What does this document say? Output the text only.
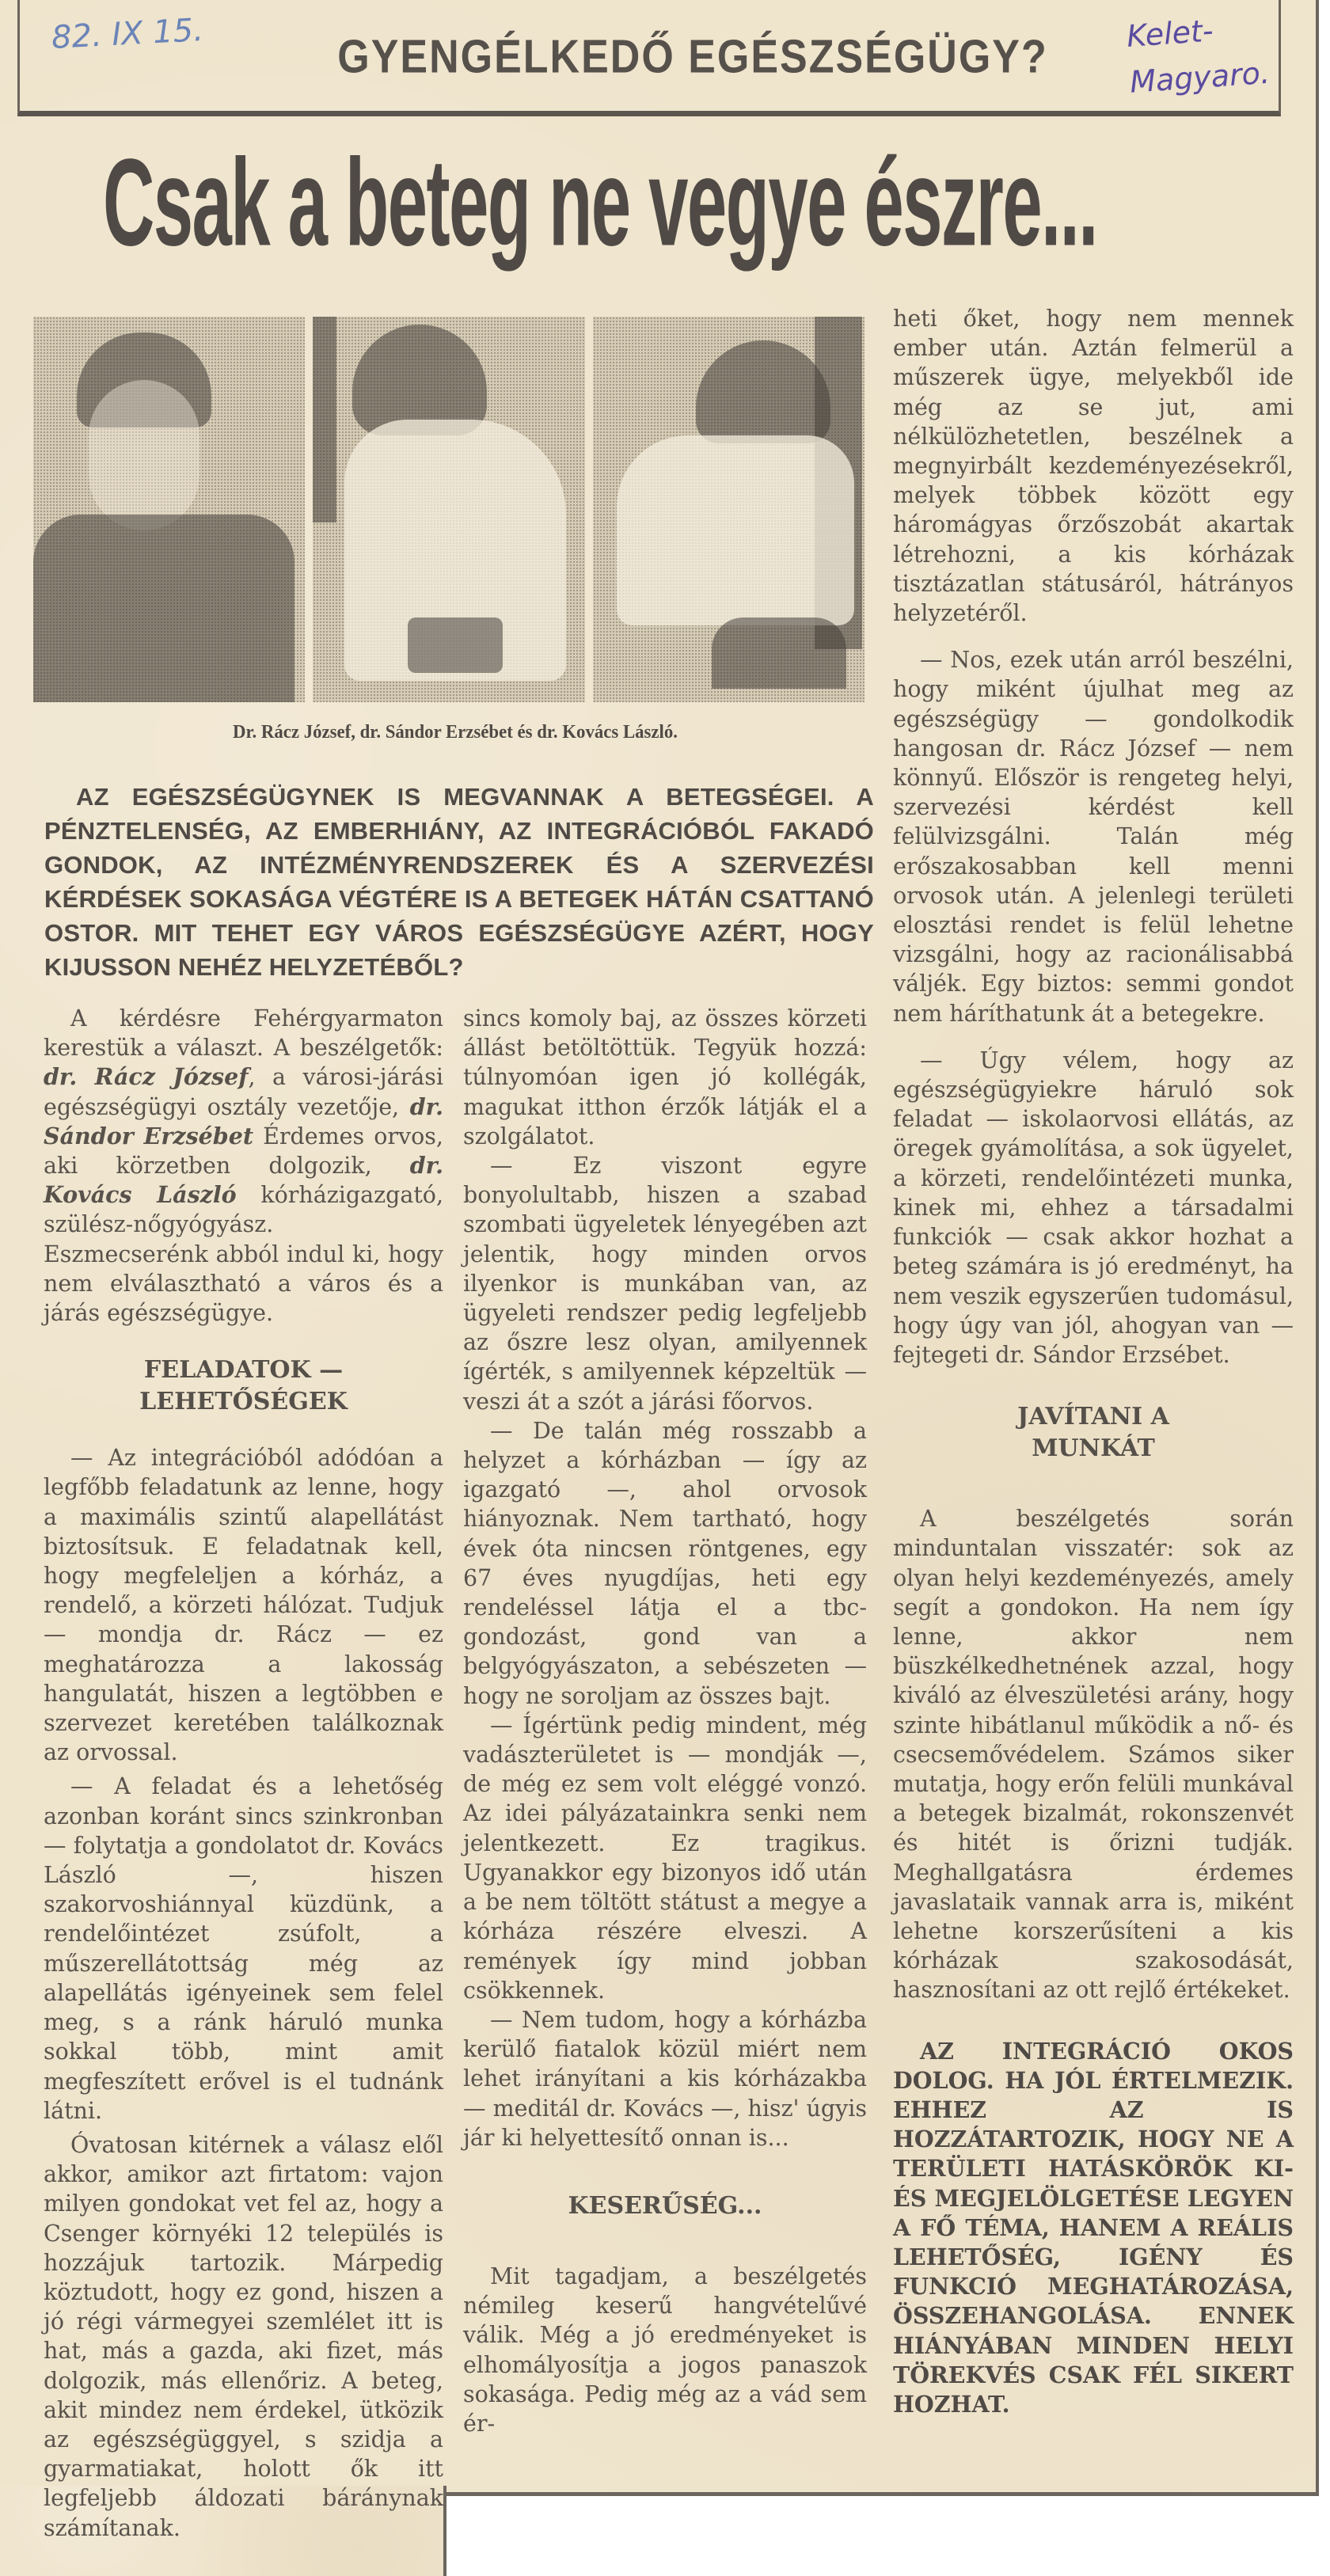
82. IX 15.	GYENGÉLKEDŐ EGÉSZSÉGÜGY?	Kelet-Magyaro.
Csak a beteg ne vegye észre...
Dr. Rácz József, dr. Sándor Erzsébet és dr. Kovács László.
AZ EGÉSZSÉGÜGYNEK IS MEGVANNAK A BETEGSÉGEI. A PÉNZTELENSÉG, AZ EMBERHIÁNY, AZ INTEGRÁCIÓBÓL FAKADÓ GONDOK, AZ INTÉZMÉNYRENDSZEREK ÉS A SZERVEZÉSI KÉRDÉSEK SOKASÁGA VÉGTÉRE IS A BETEGEK HÁTÁN CSATTANÓ OSTOR. MIT TEHET EGY VÁROS EGÉSZSÉGÜGYE AZÉRT, HOGY KIJUSSON NEHÉZ HELYZETÉBŐL?

A kérdésre Fehérgyarmaton kerestük a választ. A beszélgetők: dr. Rácz József, a városi-járási egészségügyi osztály vezetője, dr. Sándor Erzsébet Érdemes orvos, aki körzetben dolgozik, dr. Kovács László kórházigazgató, szülész-nőgyógyász. Eszmecserénk abból indul ki, hogy nem elválasztható a város és a járás egészségügye.

FELADATOK — LEHETŐSÉGEK

— Az integrációból adódóan a legfőbb feladatunk az lenne, hogy a maximális szintű alapellátást biztosítsuk. E feladatnak kell, hogy megfeleljen a kórház, a rendelő, a körzeti hálózat. Tudjuk — mondja dr. Rácz — ez meghatározza a lakosság hangulatát, hiszen a legtöbben e szervezet keretében találkoznak az orvossal.

— A feladat és a lehetőség azonban koránt sincs szinkronban — folytatja a gondolatot dr. Kovács László —, hiszen szakorvoshiánnyal küzdünk, a rendelőintézet zsúfolt, a műszerellátottság még az alapellátás igényeinek sem felel meg, s a ránk háruló munka sokkal több, mint amit megfeszített erővel is el tudnánk látni.

Óvatosan kitérnek a válasz elől akkor, amikor azt firtatom: vajon milyen gondokat vet fel az, hogy a Csenger környéki 12 település is hozzájuk tartozik. Márpedig köztudott, hogy ez gond, hiszen a jó régi vármegyei szemlélet itt is hat, más a gazda, aki fizet, más dolgozik, más ellenőriz. A beteg, akit mindez nem érdekel, ütközik az egészségüggyel, s szidja a gyarmatiakat, holott ők itt legfeljebb áldozati báránynak számítanak.

sincs komoly baj, az összes körzeti állást betöltöttük. Tegyük hozzá: túlnyomóan igen jó kollégák, magukat itthon érzők látják el a szolgálatot.

— Ez viszont egyre bonyolultabb, hiszen a szabad szombati ügyeletek lényegében azt jelentik, hogy minden orvos ilyenkor is munkában van, az ügyeleti rendszer pedig legfeljebb az őszre lesz olyan, amilyennek ígérték, s amilyennek képzeltük — veszi át a szót a járási főorvos.

— De talán még rosszabb a helyzet a kórházban — így az igazgató —, ahol orvosok hiányoznak. Nem tartható, hogy évek óta nincsen röntgenes, egy 67 éves nyugdíjas, heti egy rendeléssel látja el a tbc-gondozást, gond van a belgyógyászaton, a sebészeten — hogy ne soroljam az összes bajt.

— Ígértünk pedig mindent, még vadászterületet is — mondják —, de még ez sem volt eléggé vonzó. Az idei pályázatainkra senki nem jelentkezett. Ez tragikus. Ugyanakkor egy bizonyos idő után a be nem töltött státust a megye a kórháza részére elveszi. A remények így mind jobban csökkennek.

— Nem tudom, hogy a kórházba kerülő fiatalok közül miért nem lehet irányítani a kis kórházakba — meditál dr. Kovács —, hisz' úgyis jár ki helyettesítő onnan is...

KESERŰSÉG...

Mit tagadjam, a beszélgetés némileg keserű hangvételűvé válik. Még a jó eredményeket is elhomályosítja a jogos panaszok sokasága. Pedig még az a vád sem ér-

heti őket, hogy nem mennek ember után. Aztán felmerül a műszerek ügye, melyekből ide még az se jut, ami nélkülözhetetlen, beszélnek a megnyirbált kezdeményezésekről, melyek többek között egy háromágyas őrzőszobát akartak létrehozni, a kis kórházak tisztázatlan státusáról, hátrányos helyzetéről.

— Nos, ezek után arról beszélni, hogy miként újulhat meg az egészségügy — gondolkodik hangosan dr. Rácz József — nem könnyű. Először is rengeteg helyi, szervezési kérdést kell felülvizsgálni. Talán még erőszakosabban kell menni orvosok után. A jelenlegi területi elosztási rendet is felül lehetne vizsgálni, hogy az racionálisabbá váljék. Egy biztos: semmi gondot nem háríthatunk át a betegekre.

— Úgy vélem, hogy az egészségügyiekre háruló sok feladat — iskolaorvosi ellátás, az öregek gyámolítása, a sok ügyelet, a körzeti, rendelőintézeti munka, kinek mi, ehhez a társadalmi funkciók — csak akkor hozhat a beteg számára is jó eredményt, ha nem veszik egyszerűen tudomásul, hogy úgy van jól, ahogyan van — fejtegeti dr. Sándor Erzsébet.

JAVÍTANI A MUNKÁT

A beszélgetés során minduntalan visszatér: sok az olyan helyi kezdeményezés, amely segít a gondokon. Ha nem így lenne, akkor nem büszkélkedhetnének azzal, hogy kiváló az élveszületési arány, hogy szinte hibátlanul működik a nő- és csecsemővédelem. Számos siker mutatja, hogy erőn felüli munkával a betegek bizalmát, rokonszenvét és hitét is őrizni tudják. Meghallgatásra érdemes javaslataik vannak arra is, miként lehetne korszerűsíteni a kis kórházak szakosodását, hasznosítani az ott rejlő értékeket.

AZ INTEGRÁCIÓ OKOS DOLOG. HA JÓL ÉRTELMEZIK. EHHEZ AZ IS HOZZÁTARTOZIK, HOGY NE A TERÜLETI HATÁSKÖRÖK KI- ÉS MEGJELÖLGETÉSE LEGYEN A FŐ TÉMA, HANEM A REÁLIS LEHETŐSÉG, IGÉNY ÉS FUNKCIÓ MEGHATÁROZÁSA, ÖSSZEHANGOLÁSA. ENNEK HIÁNYÁBAN MINDEN HELYI TÖREKVÉS CSAK FÉL SIKERT HOZHAT.
